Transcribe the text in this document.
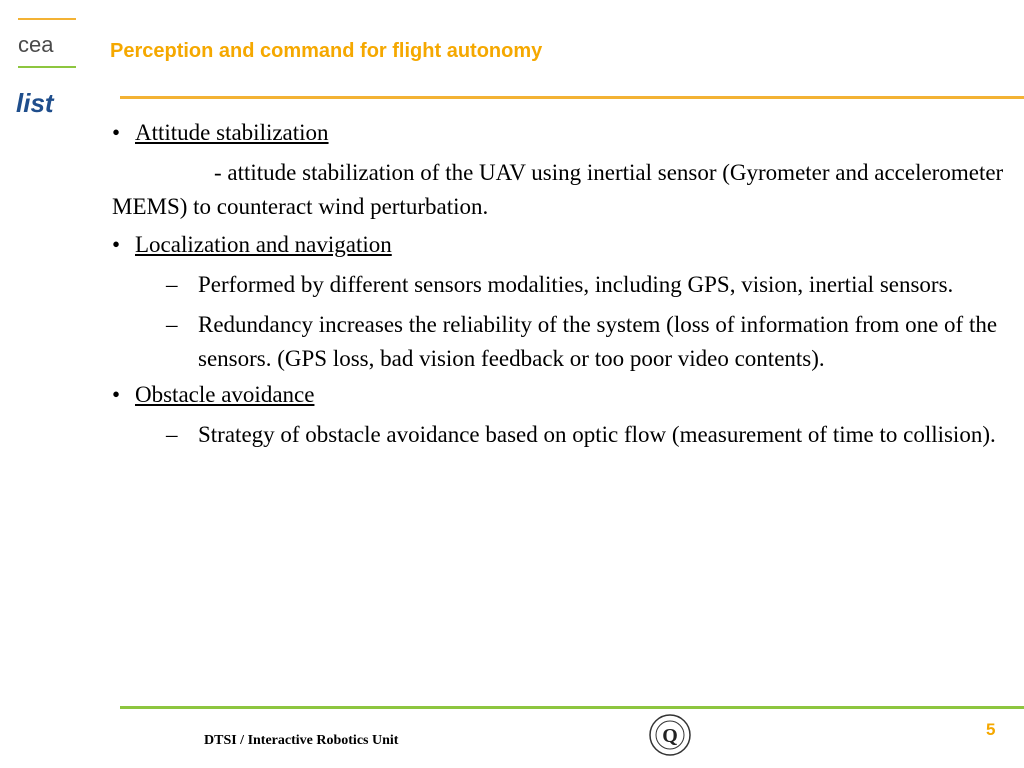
cea
list
Perception and command for flight autonomy
• Attitude stabilization
- attitude stabilization of the UAV using inertial sensor (Gyrometer and accelerometer MEMS) to counteract wind perturbation.
• Localization and navigation
– Performed by different sensors modalities, including GPS, vision, inertial sensors.
– Redundancy increases the reliability of the system (loss of information from one of the sensors. (GPS loss, bad vision feedback or too poor video contents).
• Obstacle avoidance
– Strategy of obstacle avoidance based on optic flow (measurement of time to collision).
DTSI / Interactive Robotics Unit	Q	5
